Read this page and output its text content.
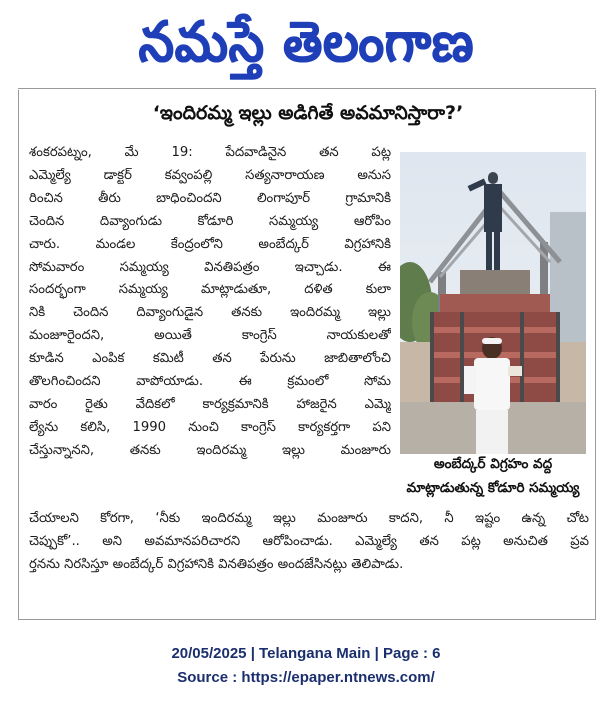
నమస్తే తెలంగాణ
‘ఇందిరమ్మ ఇల్లు అడిగితే అవమానిస్తారా?’
శంకరపట్నం, మే 19: పేదవాడినైన తన పట్ల
ఎమ్మెల్యే డాక్టర్ కవ్వంపల్లి సత్యనారాయణ అనుస
రించిన తీరు బాధించిందని లింగాపూర్ గ్రామానికి
చెందిన దివ్యాంగుడు కోడూరి సమ్మయ్య ఆరోపిం
చారు. మండల కేంద్రంలోని అంబేద్కర్ విగ్రహానికి
సోమవారం సమ్మయ్య వినతిపత్రం ఇచ్చాడు. ఈ
సందర్భంగా సమ్మయ్య మాట్లాడుతూ, దళిత కులా
నికి చెందిన దివ్యాంగుడైన తనకు ఇందిరమ్మ ఇల్లు
మంజూరైందని, అయితే కాంగ్రెస్ నాయకులతో
కూడిన ఎంపిక కమిటీ తన పేరును జాబితాలోంచి
తొలగించిందని వాపోయాడు. ఈ క్రమంలో సోమ
వారం రైతు వేదికలో కార్యక్రమానికి హాజరైన ఎమ్మె
ల్యేను కలిసి, 1990 నుంచి కాంగ్రెస్ కార్యకర్తగా పని
చేస్తున్నానని, తనకు ఇందిరమ్మ ఇల్లు మంజూరు
అంబేద్కర్ విగ్రహం వద్ద
మాట్లాడుతున్న కోడూరి సమ్మయ్య
చేయాలని కోరగా, ‘నీకు ఇందిరమ్మ ఇల్లు మంజూరు కాదని, నీ ఇష్టం ఉన్న చోట
చెప్పుకో’.. అని అవమానపరిచారని ఆరోపించాడు. ఎమ్మెల్యే తన పట్ల అనుచిత ప్రవ
ర్తనను నిరసిస్తూ అంబేద్కర్ విగ్రహానికి వినతిపత్రం అందజేసినట్లు తెలిపాడు.
20/05/2025 | Telangana Main | Page : 6
Source : https://epaper.ntnews.com/
